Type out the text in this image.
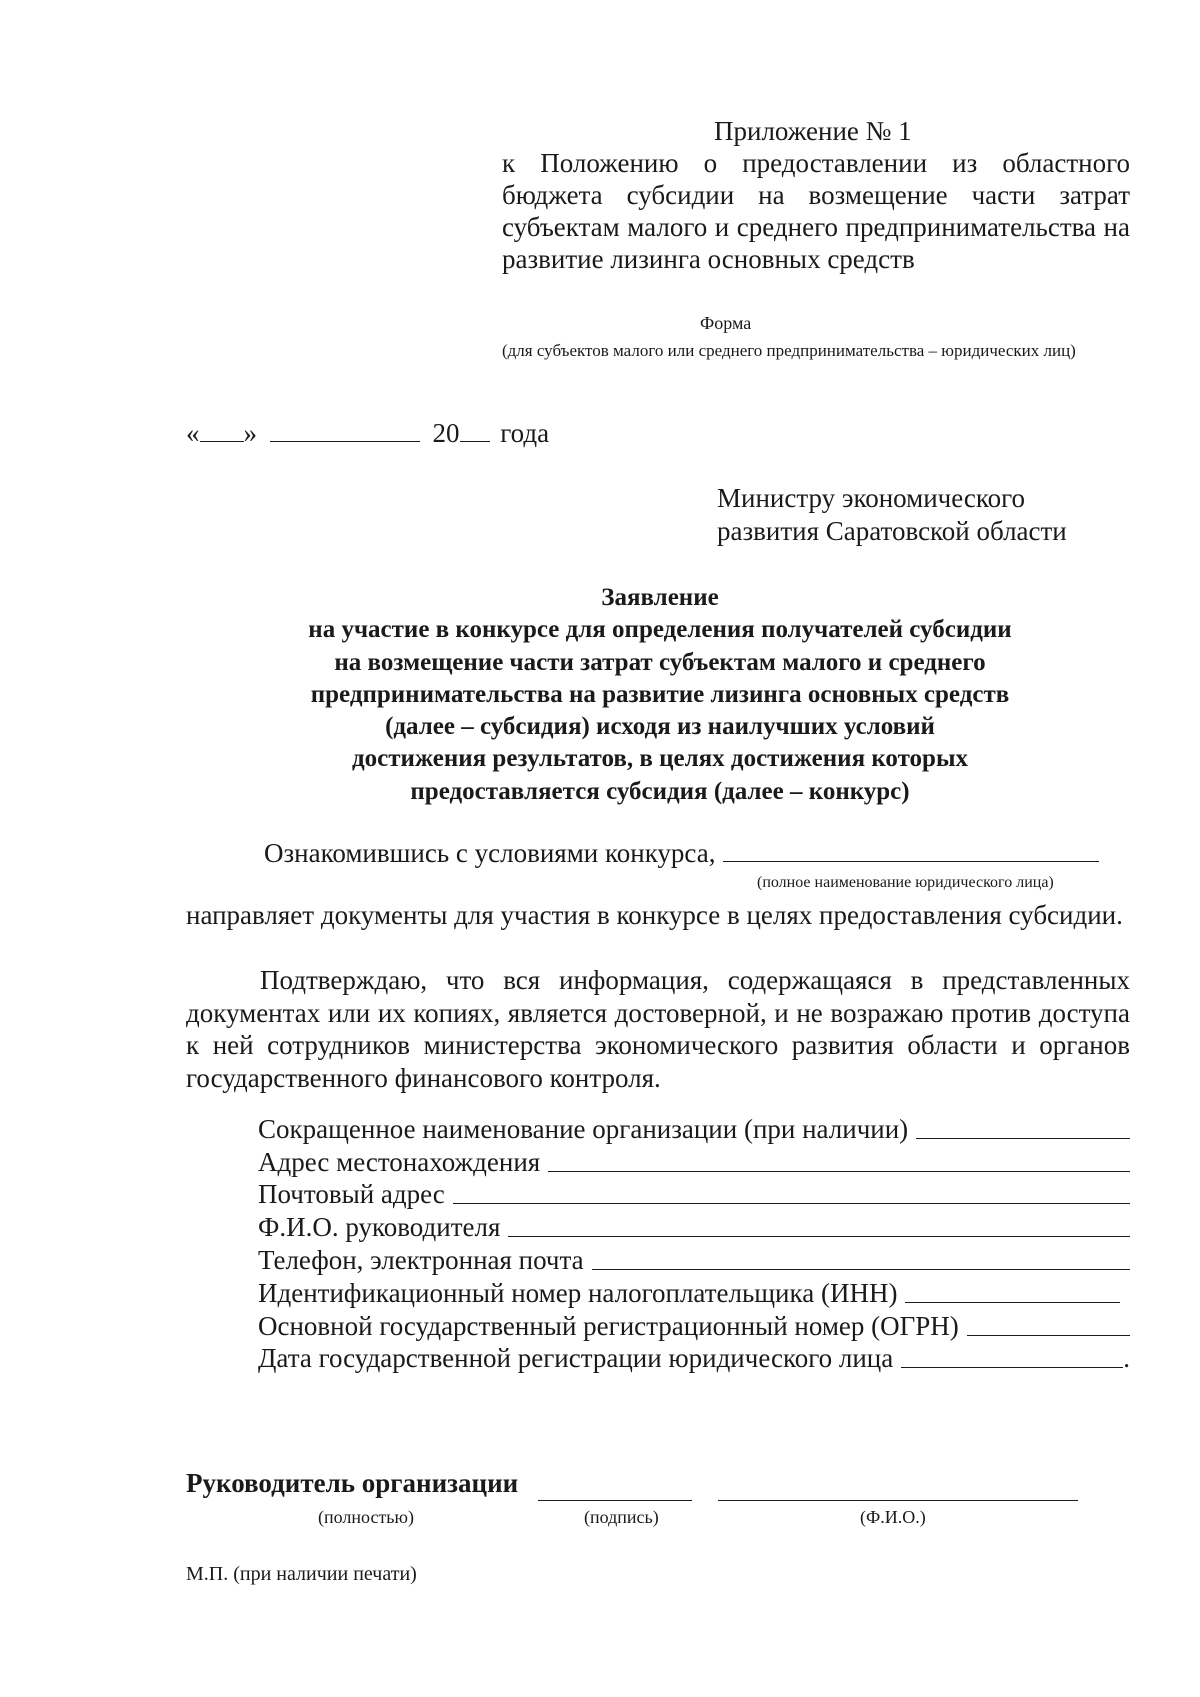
Приложение № 1
к Положению о предоставлении из областного бюджета субсидии на возмещение части затрат субъектам малого и среднего предпринимательства на развитие лизинга основных средств
Форма
(для субъектов малого или среднего предпринимательства – юридических лиц)
« »	20 года
Министру экономического
развития Саратовской области
Заявление
на участие в конкурсе для определения получателей субсидии
на возмещение части затрат субъектам малого и среднего
предпринимательства на развитие лизинга основных средств
(далее – субсидия) исходя из наилучших условий
достижения результатов, в целях достижения которых
предоставляется субсидия (далее – конкурс)
Ознакомившись с условиями конкурса,
(полное наименование юридического лица)
направляет документы для участия в конкурсе в целях предоставления субсидии.
Подтверждаю, что вся информация, содержащаяся в представленных документах или их копиях, является достоверной, и не возражаю против доступа к ней сотрудников министерства экономического развития области и органов государственного финансового контроля.
Сокращенное наименование организации (при наличии)
Адрес местонахождения
Почтовый адрес
Ф.И.О. руководителя
Телефон, электронная почта
Идентификационный номер налогоплательщика (ИНН)
Основной государственный регистрационный номер (ОГРН)
Дата государственной регистрации юридического лица	.
Руководитель организации
(полностью)	(подпись)	(Ф.И.О.)
М.П. (при наличии печати)
